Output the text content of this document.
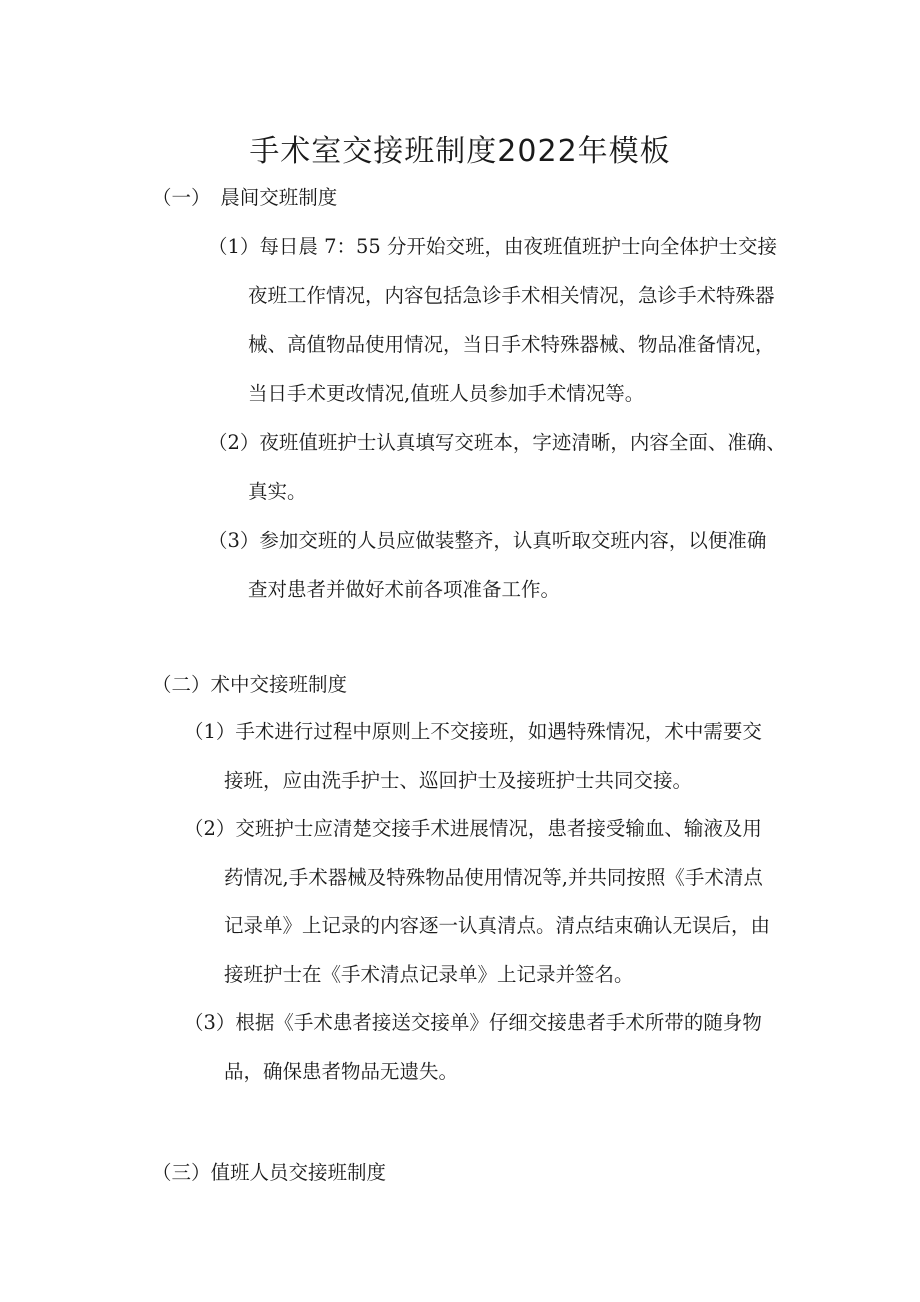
手术室交接班制度2022年模板
（一）　晨间交班制度
（1）每日晨 7：55 分开始交班，由夜班值班护士向全体护士交接
夜班工作情况，内容包括急诊手术相关情况，急诊手术特殊器
械、高值物品使用情况，当日手术特殊器械、物品准备情况，
当日手术更改情况,值班人员参加手术情况等。
（2）夜班值班护士认真填写交班本，字迹清晰，内容全面、准确、
真实。
（3）参加交班的人员应做装整齐，认真听取交班内容，以便准确
查对患者并做好术前各项准备工作。
（二）术中交接班制度
（1）手术进行过程中原则上不交接班，如遇特殊情况，术中需要交
接班，应由洗手护士、巡回护士及接班护士共同交接。
（2）交班护士应清楚交接手术进展情况，患者接受输血、输液及用
药情况,手术器械及特殊物品使用情况等,并共同按照《手术清点
记录单》上记录的内容逐一认真清点。清点结束确认无误后，由
接班护士在《手术清点记录单》上记录并签名。
（3）根据《手术患者接送交接单》仔细交接患者手术所带的随身物
品，确保患者物品无遗失。
（三）值班人员交接班制度
